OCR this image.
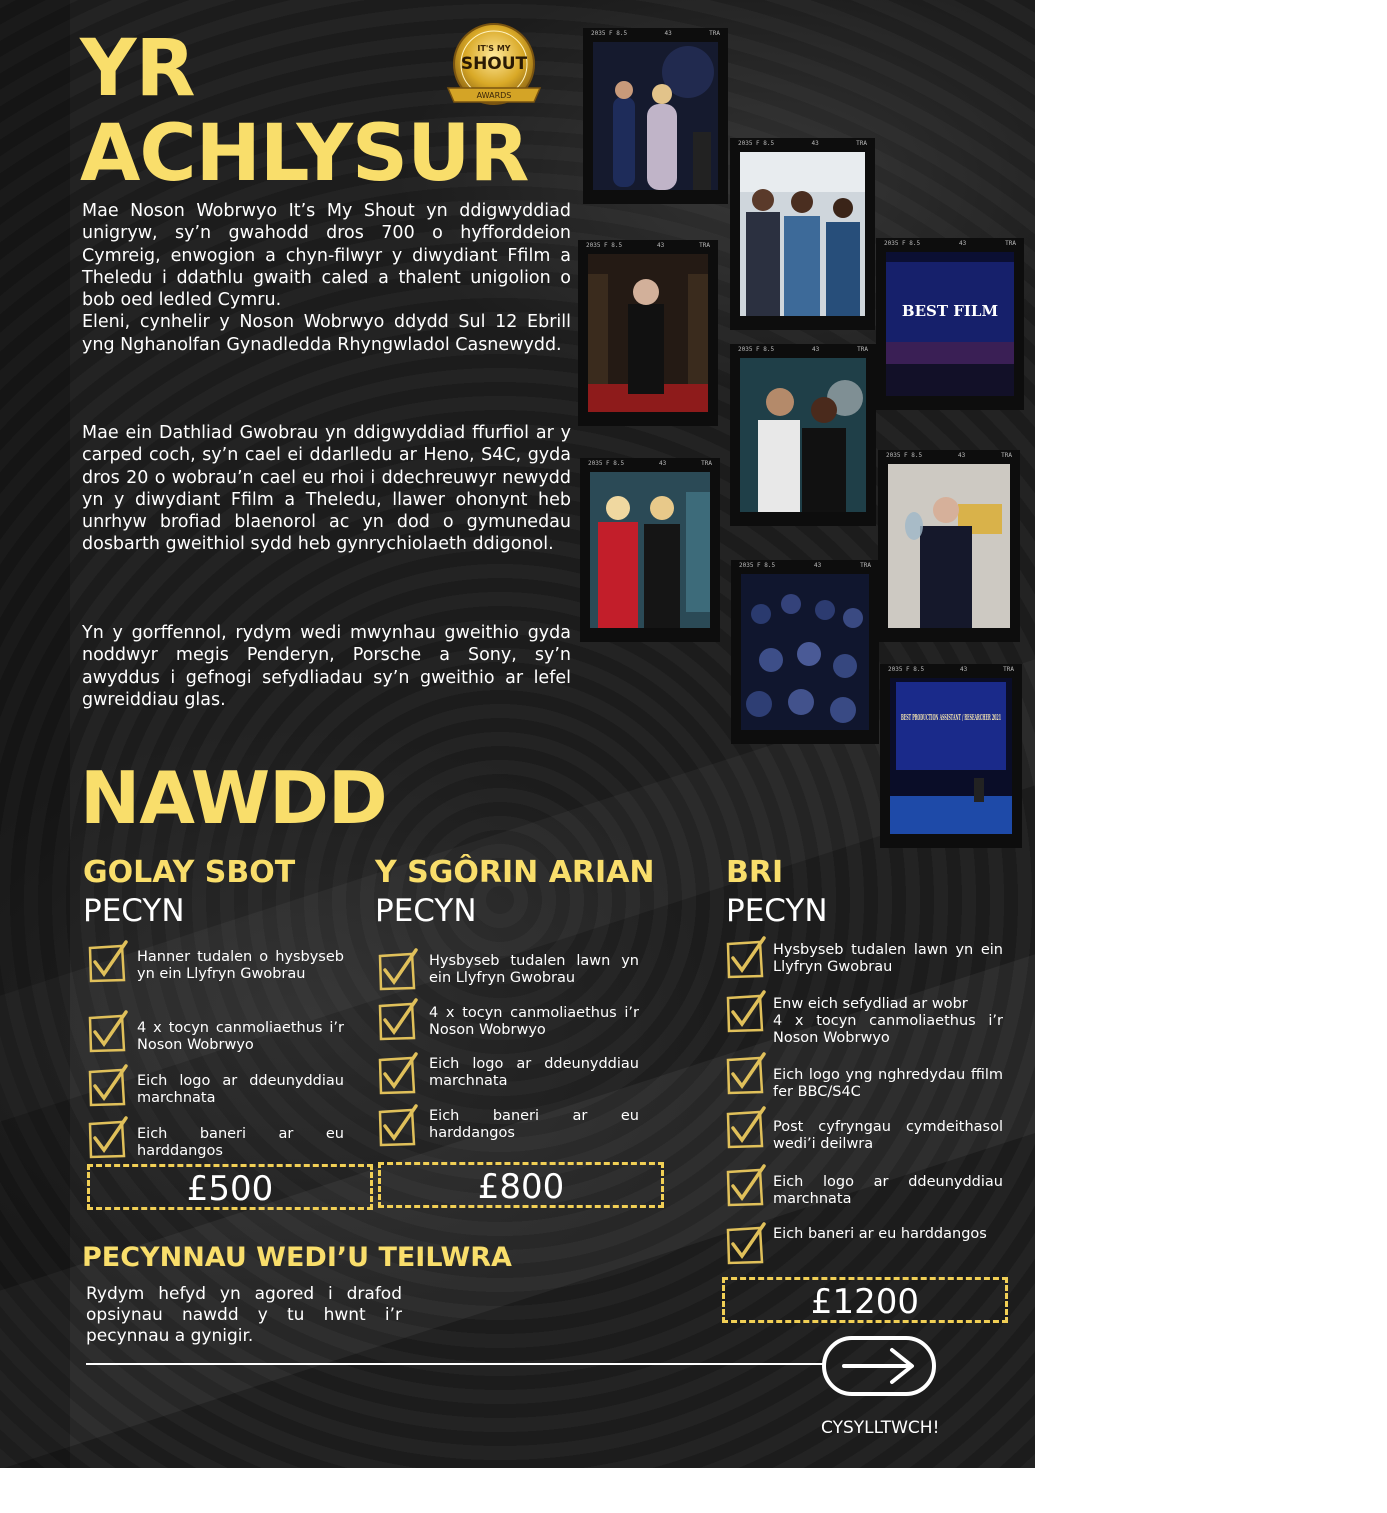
YR
ACHLYSUR
IT'S MY
SHOUT
AWARDS

Mae Noson Wobrwyo It’s My Shout yn ddigwyddiad unigryw, sy’n gwahodd dros 700 o hyfforddeion Cymreig, enwogion a chyn-filwyr y diwydiant Ffilm a Theledu i ddathlu gwaith caled a thalent unigolion o bob oed ledled Cymru.
Eleni, cynhelir y Noson Wobrwyo ddydd Sul 12 Ebrill yng Nghanolfan Gynadledda Rhyngwladol Casnewydd.

Mae ein Dathliad Gwobrau yn ddigwyddiad ffurfiol ar y carped coch, sy’n cael ei ddarlledu ar Heno, S4C, gyda dros 20 o wobrau’n cael eu rhoi i ddechreuwyr newydd yn y diwydiant Ffilm a Theledu, llawer ohonynt heb unrhyw brofiad blaenorol ac yn dod o gymunedau dosbarth gweithiol sydd heb gynrychiolaeth ddigonol.

Yn y gorffennol, rydym wedi mwynhau gweithio gyda noddwyr megis Penderyn, Porsche a Sony, sy’n awyddus i gefnogi sefydliadau sy’n gweithio ar lefel gwreiddiau glas.

2035 F 8.5	43	TRA
2035 F 8.5	43	TRA
2035 F 8.5	43	TRA	2035 F 8.5	43	TRA
BEST FILM
2035 F 8.5	43	TRA
2035 F 8.5	43	TRA
2035 F 8.5	43	TRA
2035 F 8.5	43	TRA
2035 F 8.5	43	TRA
BEST PRODUCTION ASSISTANT / RESEARCHER 2021
NAWDD
GOLAY SBOT
PECYN
Y SGÔRIN ARIAN
PECYN
BRI
PECYN
Hanner tudalen o hysbyseb yn ein Llyfryn Gwobrau
4 x tocyn canmoliaethus i’r Noson Wobrwyo
Eich logo ar ddeunyddiau marchnata
Eich baneri ar eu harddangos
£500
Hysbyseb tudalen lawn yn ein Llyfryn Gwobrau
4 x tocyn canmoliaethus i’r Noson Wobrwyo
Eich logo ar ddeunyddiau marchnata
Eich baneri ar eu harddangos
£800
Hysbyseb tudalen lawn yn ein Llyfryn Gwobrau
Enw eich sefydliad ar wobr
4 x tocyn canmoliaethus i’r Noson Wobrwyo
Eich logo yng nghredydau ffilm fer BBC/S4C
Post cyfryngau cymdeithasol wedi’i deilwra
Eich logo ar ddeunyddiau marchnata
Eich baneri ar eu harddangos
£1200
PECYNNAU WEDI’U TEILWRA

Rydym hefyd yn agored i drafod opsiynau nawdd y tu hwnt i’r pecynnau a gynigir.

CYSYLLTWCH!
